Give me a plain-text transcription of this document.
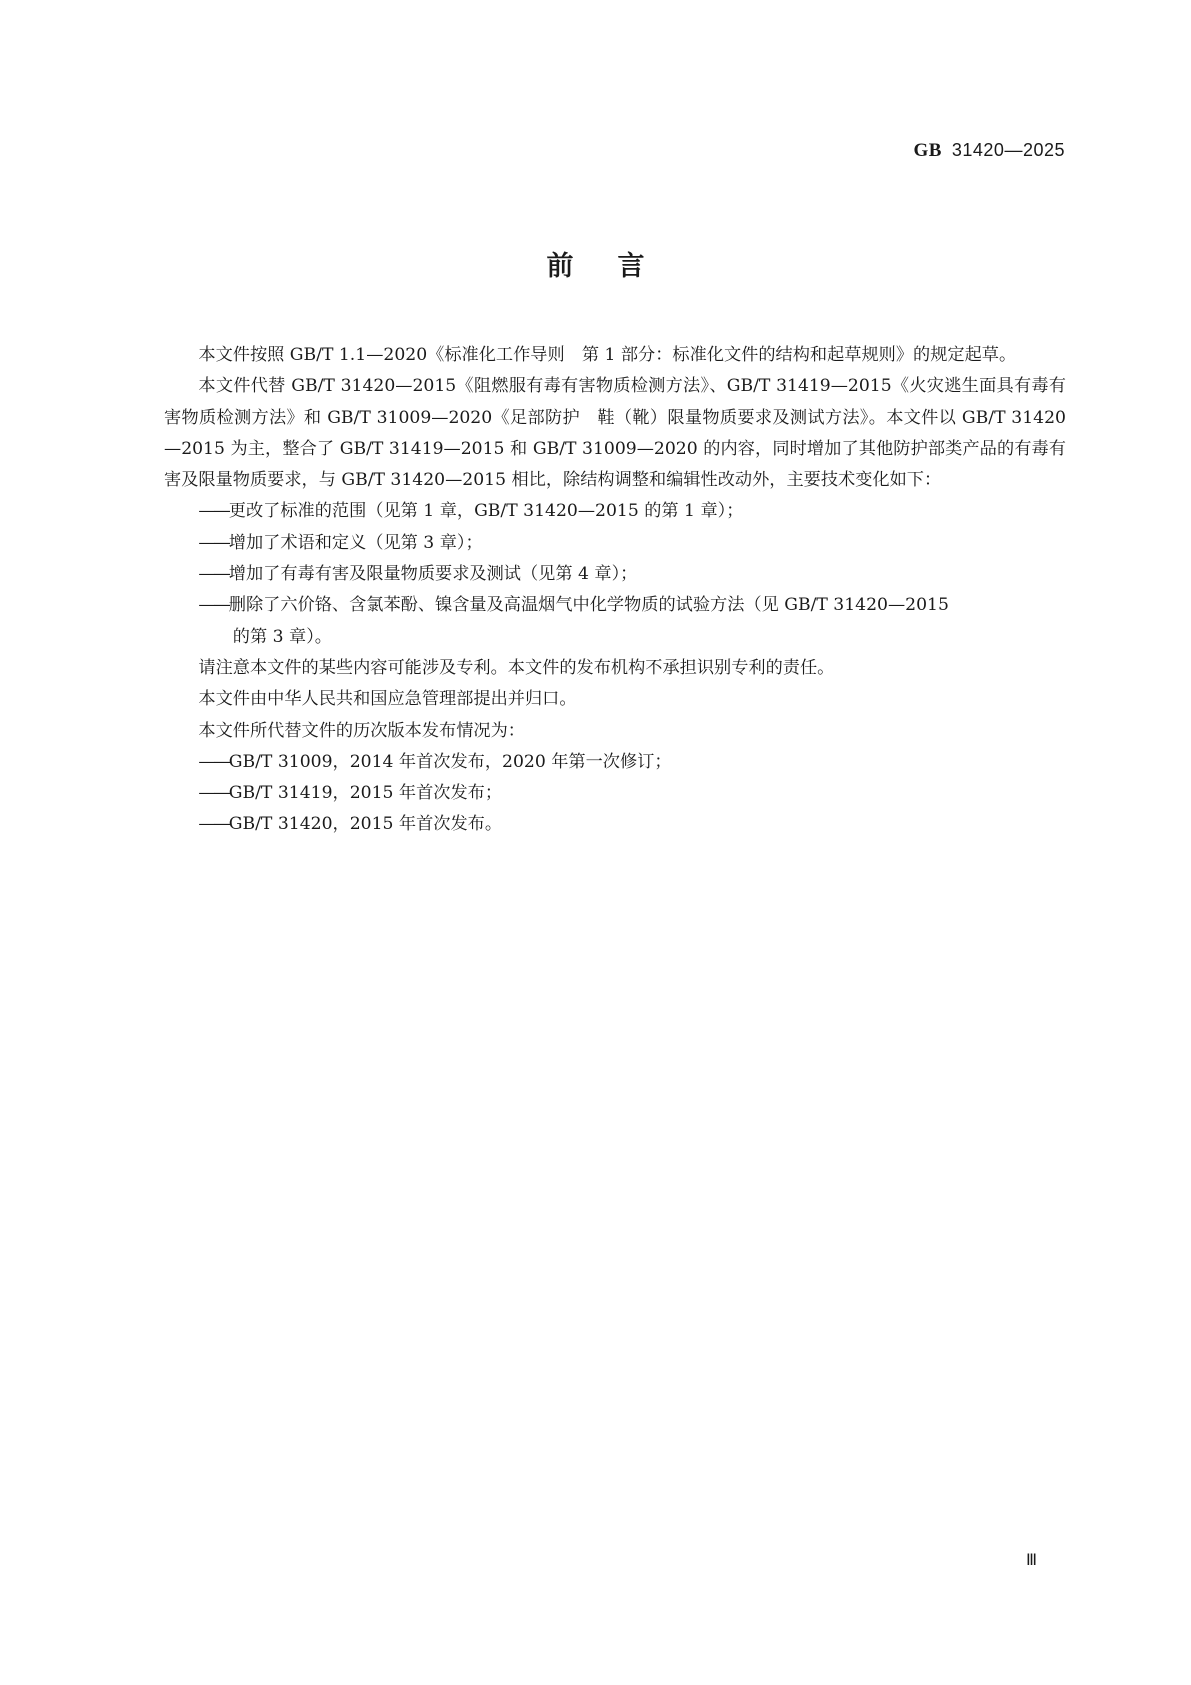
GB 31420—2025
前言

本文件按照 GB/T 1.1—2020《标准化工作导则　第 1 部分：标准化文件的结构和起草规则》的规定起草。

本文件代替 GB/T 31420—2015《阻燃服有毒有害物质检测方法》、GB/T 31419—2015《火灾逃生面具有毒有害物质检测方法》和 GB/T 31009—2020《足部防护　鞋（靴）限量物质要求及测试方法》。本文件以 GB/T 31420—2015 为主，整合了 GB/T 31419—2015 和 GB/T 31009—2020 的内容，同时增加了其他防护部类产品的有毒有害及限量物质要求，与 GB/T 31420—2015 相比，除结构调整和编辑性改动外，主要技术变化如下：

——更改了标准的范围（见第 1 章，GB/T 31420—2015 的第 1 章）；

——增加了术语和定义（见第 3 章）；

——增加了有毒有害及限量物质要求及测试（见第 4 章）；

——删除了六价铬、含氯苯酚、镍含量及高温烟气中化学物质的试验方法（见 GB/T 31420—2015

的第 3 章）。

请注意本文件的某些内容可能涉及专利。本文件的发布机构不承担识别专利的责任。

本文件由中华人民共和国应急管理部提出并归口。

本文件所代替文件的历次版本发布情况为：

——GB/T 31009，2014 年首次发布，2020 年第一次修订；

——GB/T 31419，2015 年首次发布；

——GB/T 31420，2015 年首次发布。

Ⅲ
